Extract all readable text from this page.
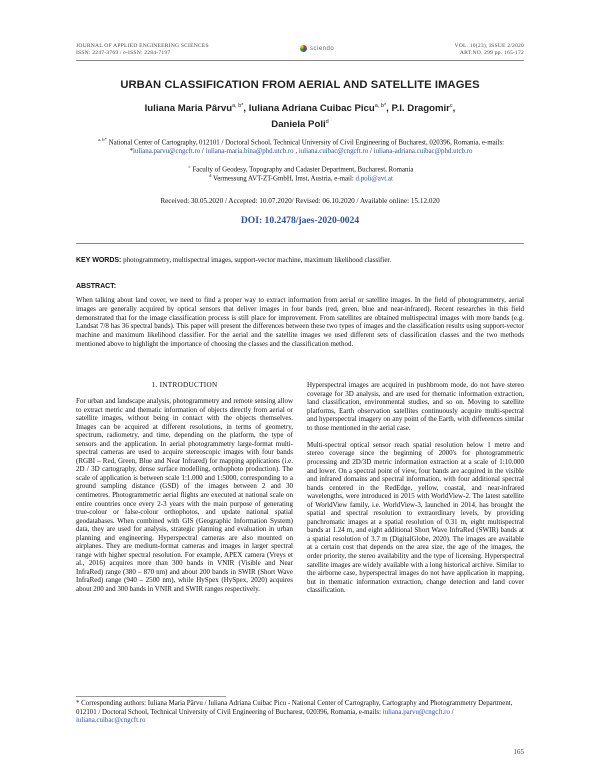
JOURNAL OF APPLIED ENGINEERING SCIENCES
ISSN: 2247-3769 / e-ISSN: 2284-7197
sciendo	VOL. 10(23), ISSUE 2/2020
ART.NO. 299 pp. 165-172
URBAN CLASSIFICATION FROM AERIAL AND SATELLITE IMAGES
Iuliana Maria Pârvu$^{a, b*}$, Iuliana Adriana Cuibac Picu$^{a, b*}$, P.I. Dragomir$^c$,
Daniela Poli$^d$
$^{a, b*}$ National Center of Cartography, 012101 / Doctoral School, Technical University of Civil Engineering of Bucharest, 020396, Romania, e-mails: *iuliana.parvu@cngcft.ro / iuliana-maria.bina@phd.utcb.ro , iuliana.cuibac@cngcft.ro / iuliana-adriana.cuibac@phd.utcb.ro
$^c$ Faculty of Geodesy, Topography and Cadaster Department, Bucharest, Romania
$^d$ Vermessung AVT-ZT-GmbH, Imst, Austria, e-mail: d.poli@avt.at
Received: 30.05.2020 / Accepted: 10.07.2020/ Revised: 06.10.2020 / Available online: 15.12.020
DOI: 10.2478/jaes-2020-0024
KEY WORDS: photogrammetry, multispectral images, support-vector machine, maximum likelihood classifier.
ABSTRACT:
When talking about land cover, we need to find a proper way to extract information from aerial or satellite images. In the field of photogrammetry, aerial images are generally acquired by optical sensors that deliver images in four bands (red, green, blue and near-infrared). Recent researches in this field demonstrated that for the image classification process is still place for improvement. From satellites are obtained multispectral images with more bands (e.g. Landsat 7/8 has 36 spectral bands). This paper will present the differences between these two types of images and the classification results using support-vector machine and maximum likelihood classifier. For the aerial and the satellite images we used different sets of classification classes and the two methods mentioned above to highlight the importance of choosing the classes and the classification method.
1. INTRODUCTION

For urban and landscape analysis, photogrammetry and remote sensing allow to extract metric and thematic information of objects directly from aerial or satellite images, without being in contact with the objects themselves. Images can be acquired at different resolutions, in terms of geometry, spectrum, radiometry, and time, depending on the platform, the type of sensors and the application. In aerial photogrammetry large-format multi-spectral cameras are used to acquire stereoscopic images with four bands (RGBI – Red, Green, Blue and Near Infrared) for mapping applications (i.e. 2D / 3D cartography, dense surface modelling, orthophoto production). The scale of application is between scale 1:1.000 and 1:5000, corresponding to a ground sampling distance (GSD) of the images between 2 and 30 centimetres. Photogrammetric aerial flights are executed at national scale on entire countries once every 2-3 years with the main purpose of generating true-colour or false-colour orthophotos, and update national spatial geodatabases. When combined with GIS (Geographic Information System) data, they are used for analysis, strategic planning and evaluation in urban planning and engineering. Hyperspectral cameras are also mounted on airplanes. They are medium-format cameras and images in larger spectral range with higher spectral resolution. For example, APEX camera (Vreys et al., 2016) acquires more than 300 bands in VNIR (Visible and Near InfraRed) range (380 – 870 nm) and about 200 bands in SWIR (Short Wave InfraRed) range (940 – 2500 nm), while HySpex (HySpex, 2020) acquires about 200 and 300 bands in VNIR and SWIR ranges respectively.

Hyperspectral images are acquired in pushbroom mode, do not have stereo coverage for 3D analysis, and are used for thematic information extraction, land classification, environmental studies, and so on. Moving to satellite platforms, Earth observation satellites continuously acquire multi-spectral and hyperspectral imagery on any point of the Earth, with differences similar to those mentioned in the aerial case.

Multi-spectral optical sensor reach spatial resolution below 1 metre and stereo coverage since the beginning of 2000's for photogrammetric processing and 2D/3D metric information extraction at a scale of 1:10.000 and lower. On a spectral point of view, four bands are acquired in the visible and infrared domains and spectral information, with four additional spectral bands centered in the RedEdge, yellow, coastal, and near-infrared wavelengths, were introduced in 2015 with WorldView-2. The latest satellite of WorldView family, i.e. WorldView-3, launched in 2014, has brought the spatial and spectral resolution to extraordinary levels, by providing panchromatic images at a spatial resolution of 0.31 m, eight multispectral bands at 1.24 m, and eight additional Short Wave InfraRed (SWIR) bands at a spatial resolution of 3.7 m (DigitalGlobe, 2020). The images are available at a certain cost that depends on the area size, the age of the images, the order priority, the stereo availability and the type of licensing. Hyperspectral satellite images are widely available with a long historical archive. Similar to the airborne case, hyperspectral images do not have application in mapping, but in thematic information extraction, change detection and land cover classification.

* Corresponding authors: Iuliana Maria Pârvu / Iuliana Adriana Cuibac Picu - National Center of Cartography, Cartography and Photogrammetry Department, 012101 / Doctoral School, Technical University of Civil Engineering of Bucharest, 020396, Romania, e-mails: iuliana.parvu@cngcft.ro / iuliana.cuibac@cngcft.ro
165
